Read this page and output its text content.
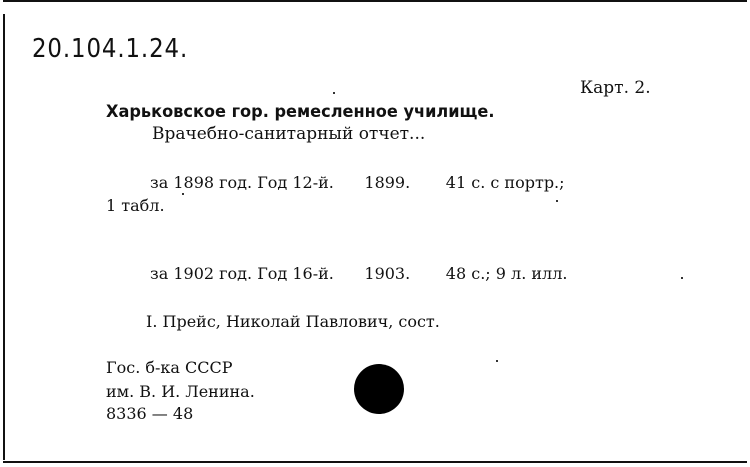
20.104.1.24.
Карт. 2.
Харьковское гор. ремесленное училище.
Врачебно-санитарный отчет...
за 1898 год. Год 12-й.      1899.       41 с. с портр.;
1 табл.
за 1902 год. Год 16-й.      1903.       48 с.; 9 л. илл.
I. Прейс, Николай Павлович, сост.
Гос. б-ка СССР
им. В. И. Ленина.
8336 — 48
